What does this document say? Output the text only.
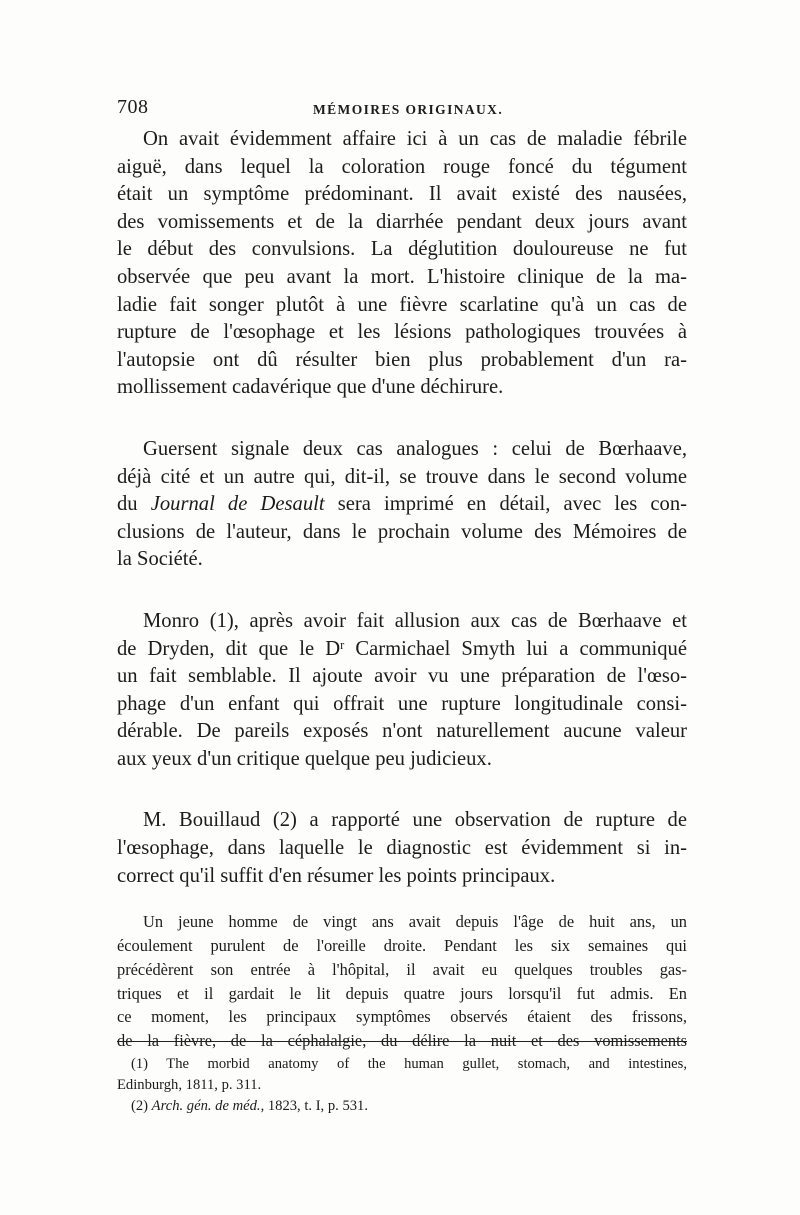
708	MÉMOIRES ORIGINAUX.

On avait évidemment affaire ici à un cas de maladie fébrile
aiguë, dans lequel la coloration rouge foncé du tégument
était un symptôme prédominant. Il avait existé des nausées,
des vomissements et de la diarrhée pendant deux jours avant
le début des convulsions. La déglutition douloureuse ne fut
observée que peu avant la mort. L'histoire clinique de la ma-
ladie fait songer plutôt à une fièvre scarlatine qu'à un cas de
rupture de l'œsophage et les lésions pathologiques trouvées à
l'autopsie ont dû résulter bien plus probablement d'un ra-
mollissement cadavérique que d'une déchirure.

Guersent signale deux cas analogues : celui de Bœrhaave,
déjà cité et un autre qui, dit-il, se trouve dans le second volume
du Journal de Desault sera imprimé en détail, avec les con-
clusions de l'auteur, dans le prochain volume des Mémoires de
la Société.

Monro (1), après avoir fait allusion aux cas de Bœrhaave et
de Dryden, dit que le $D^r$ Carmichael Smyth lui a communiqué
un fait semblable. Il ajoute avoir vu une préparation de l'œso-
phage d'un enfant qui offrait une rupture longitudinale consi-
dérable. De pareils exposés n'ont naturellement aucune valeur
aux yeux d'un critique quelque peu judicieux.

M. Bouillaud (2) a rapporté une observation de rupture de
l'œsophage, dans laquelle le diagnostic est évidemment si in-
correct qu'il suffit d'en résumer les points principaux.

Un jeune homme de vingt ans avait depuis l'âge de huit ans, un
écoulement purulent de l'oreille droite. Pendant les six semaines qui
précédèrent son entrée à l'hôpital, il avait eu quelques troubles gas-
triques et il gardait le lit depuis quatre jours lorsqu'il fut admis. En
ce moment, les principaux symptômes observés étaient des frissons,
de la fièvre, de la céphalalgie, du délire la nuit et des vomissements

(1) The morbid anatomy of the human gullet, stomach, and intestines,
Edinburgh, 1811, p. 311.
(2) Arch. gén. de méd., 1823, t. I, p. 531.
